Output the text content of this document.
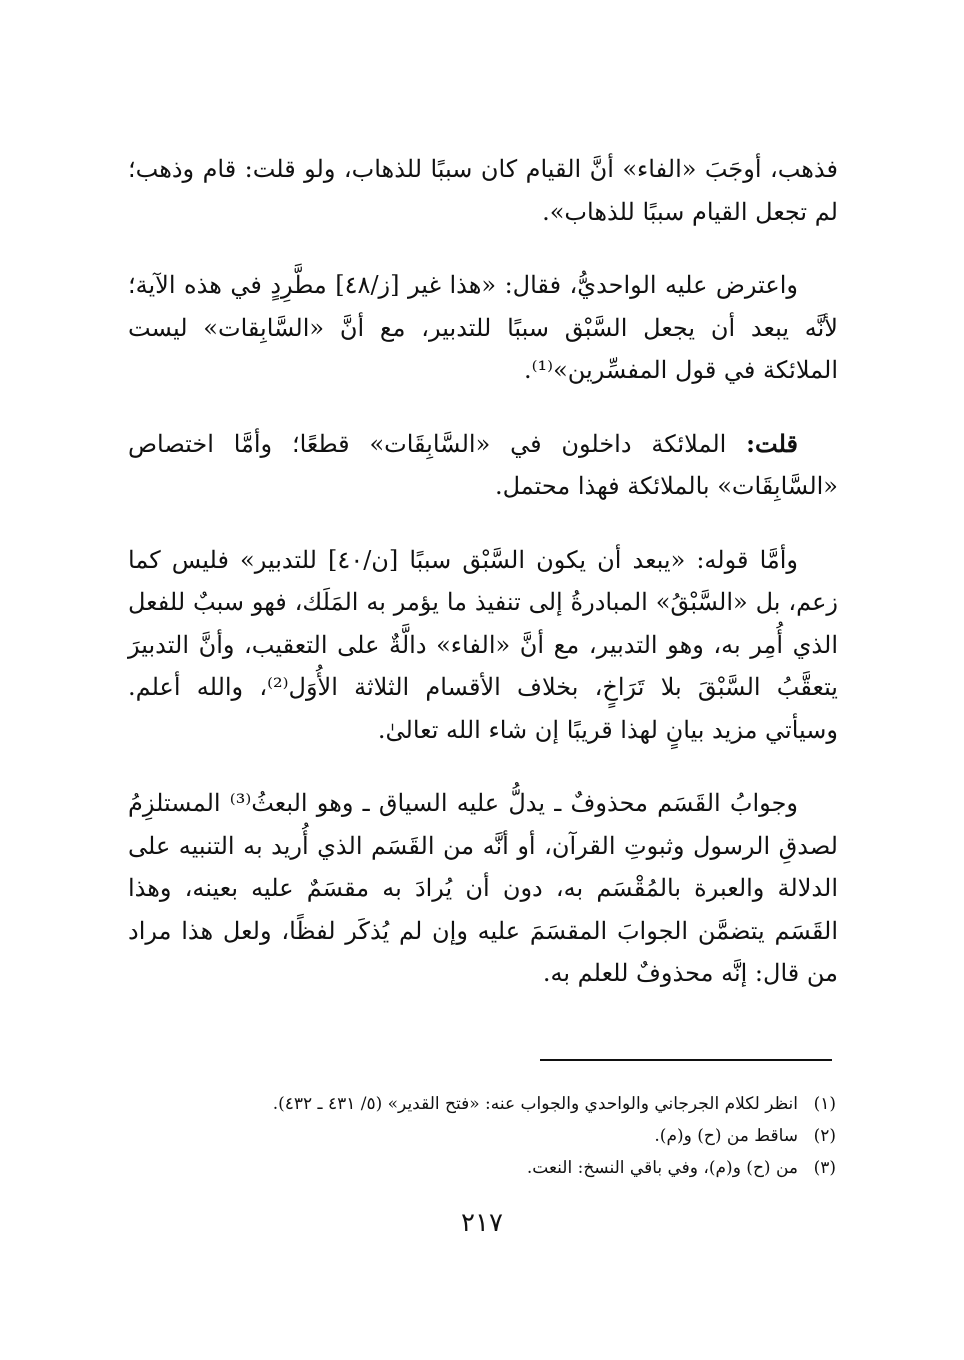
فذهب، أوجَبَ «الفاء» أنَّ القيام كان سببًا للذهاب، ولو قلت: قام وذهب؛ لم تجعل القيام سببًا للذهاب».

واعترض عليه الواحديُّ، فقال: «هذا غير [ز/٤٨] مطَّرِدٍ في هذه الآية؛ لأنَّه يبعد أن يجعل السَّبْق سببًا للتدبير، مع أنَّ «السَّابِقات» ليست الملائكة في قول المفسِّرين»⁽¹⁾.

قلت: الملائكة داخلون في «السَّابِقَات» قطعًا؛ وأمَّا اختصاص «السَّابِقَات» بالملائكة فهذا محتمل.

وأمَّا قوله: «يبعد أن يكون السَّبْق سببًا [ن/٤٠] للتدبير» فليس كما زعم، بل «السَّبْقُ» المبادرةُ إلى تنفيذ ما يؤمر به المَلَك، فهو سببٌ للفعل الذي أُمِر به، وهو التدبير، مع أنَّ «الفاء» دالَّةٌ على التعقيب، وأنَّ التدبيرَ يتعقَّبُ السَّبْقَ بلا تَرَاخٍ، بخلاف الأقسام الثلاثة الأُوَل⁽²⁾، والله أعلم. وسيأتي مزيد بيانٍ لهذا قريبًا إن شاء الله تعالىٰ.

وجوابُ القَسَم محذوفٌ ـ يدلُّ عليه السياق ـ وهو البعثُ⁽³⁾ المستلزِمُ لصدقِ الرسول وثبوتِ القرآن، أو أنَّه من القَسَم الذي أُريد به التنبيه على الدلالة والعبرة بالمُقْسَم به، دون أن يُرادَ به مقسَمٌ عليه بعينه، وهذا القَسَم يتضمَّن الجوابَ المقسَمَ عليه وإن لم يُذكَر لفظًا، ولعل هذا مراد من قال: إنَّه محذوفٌ للعلم به.

(١)
انظر لكلام الجرجاني والواحدي والجواب عنه: «فتح القدير» (٥/ ٤٣١ ـ ٤٣٢).
(٢)
ساقط من (ح) و(م).
(٣)
من (ح) و(م)، وفي باقي النسخ: النعت.
٢١٧
